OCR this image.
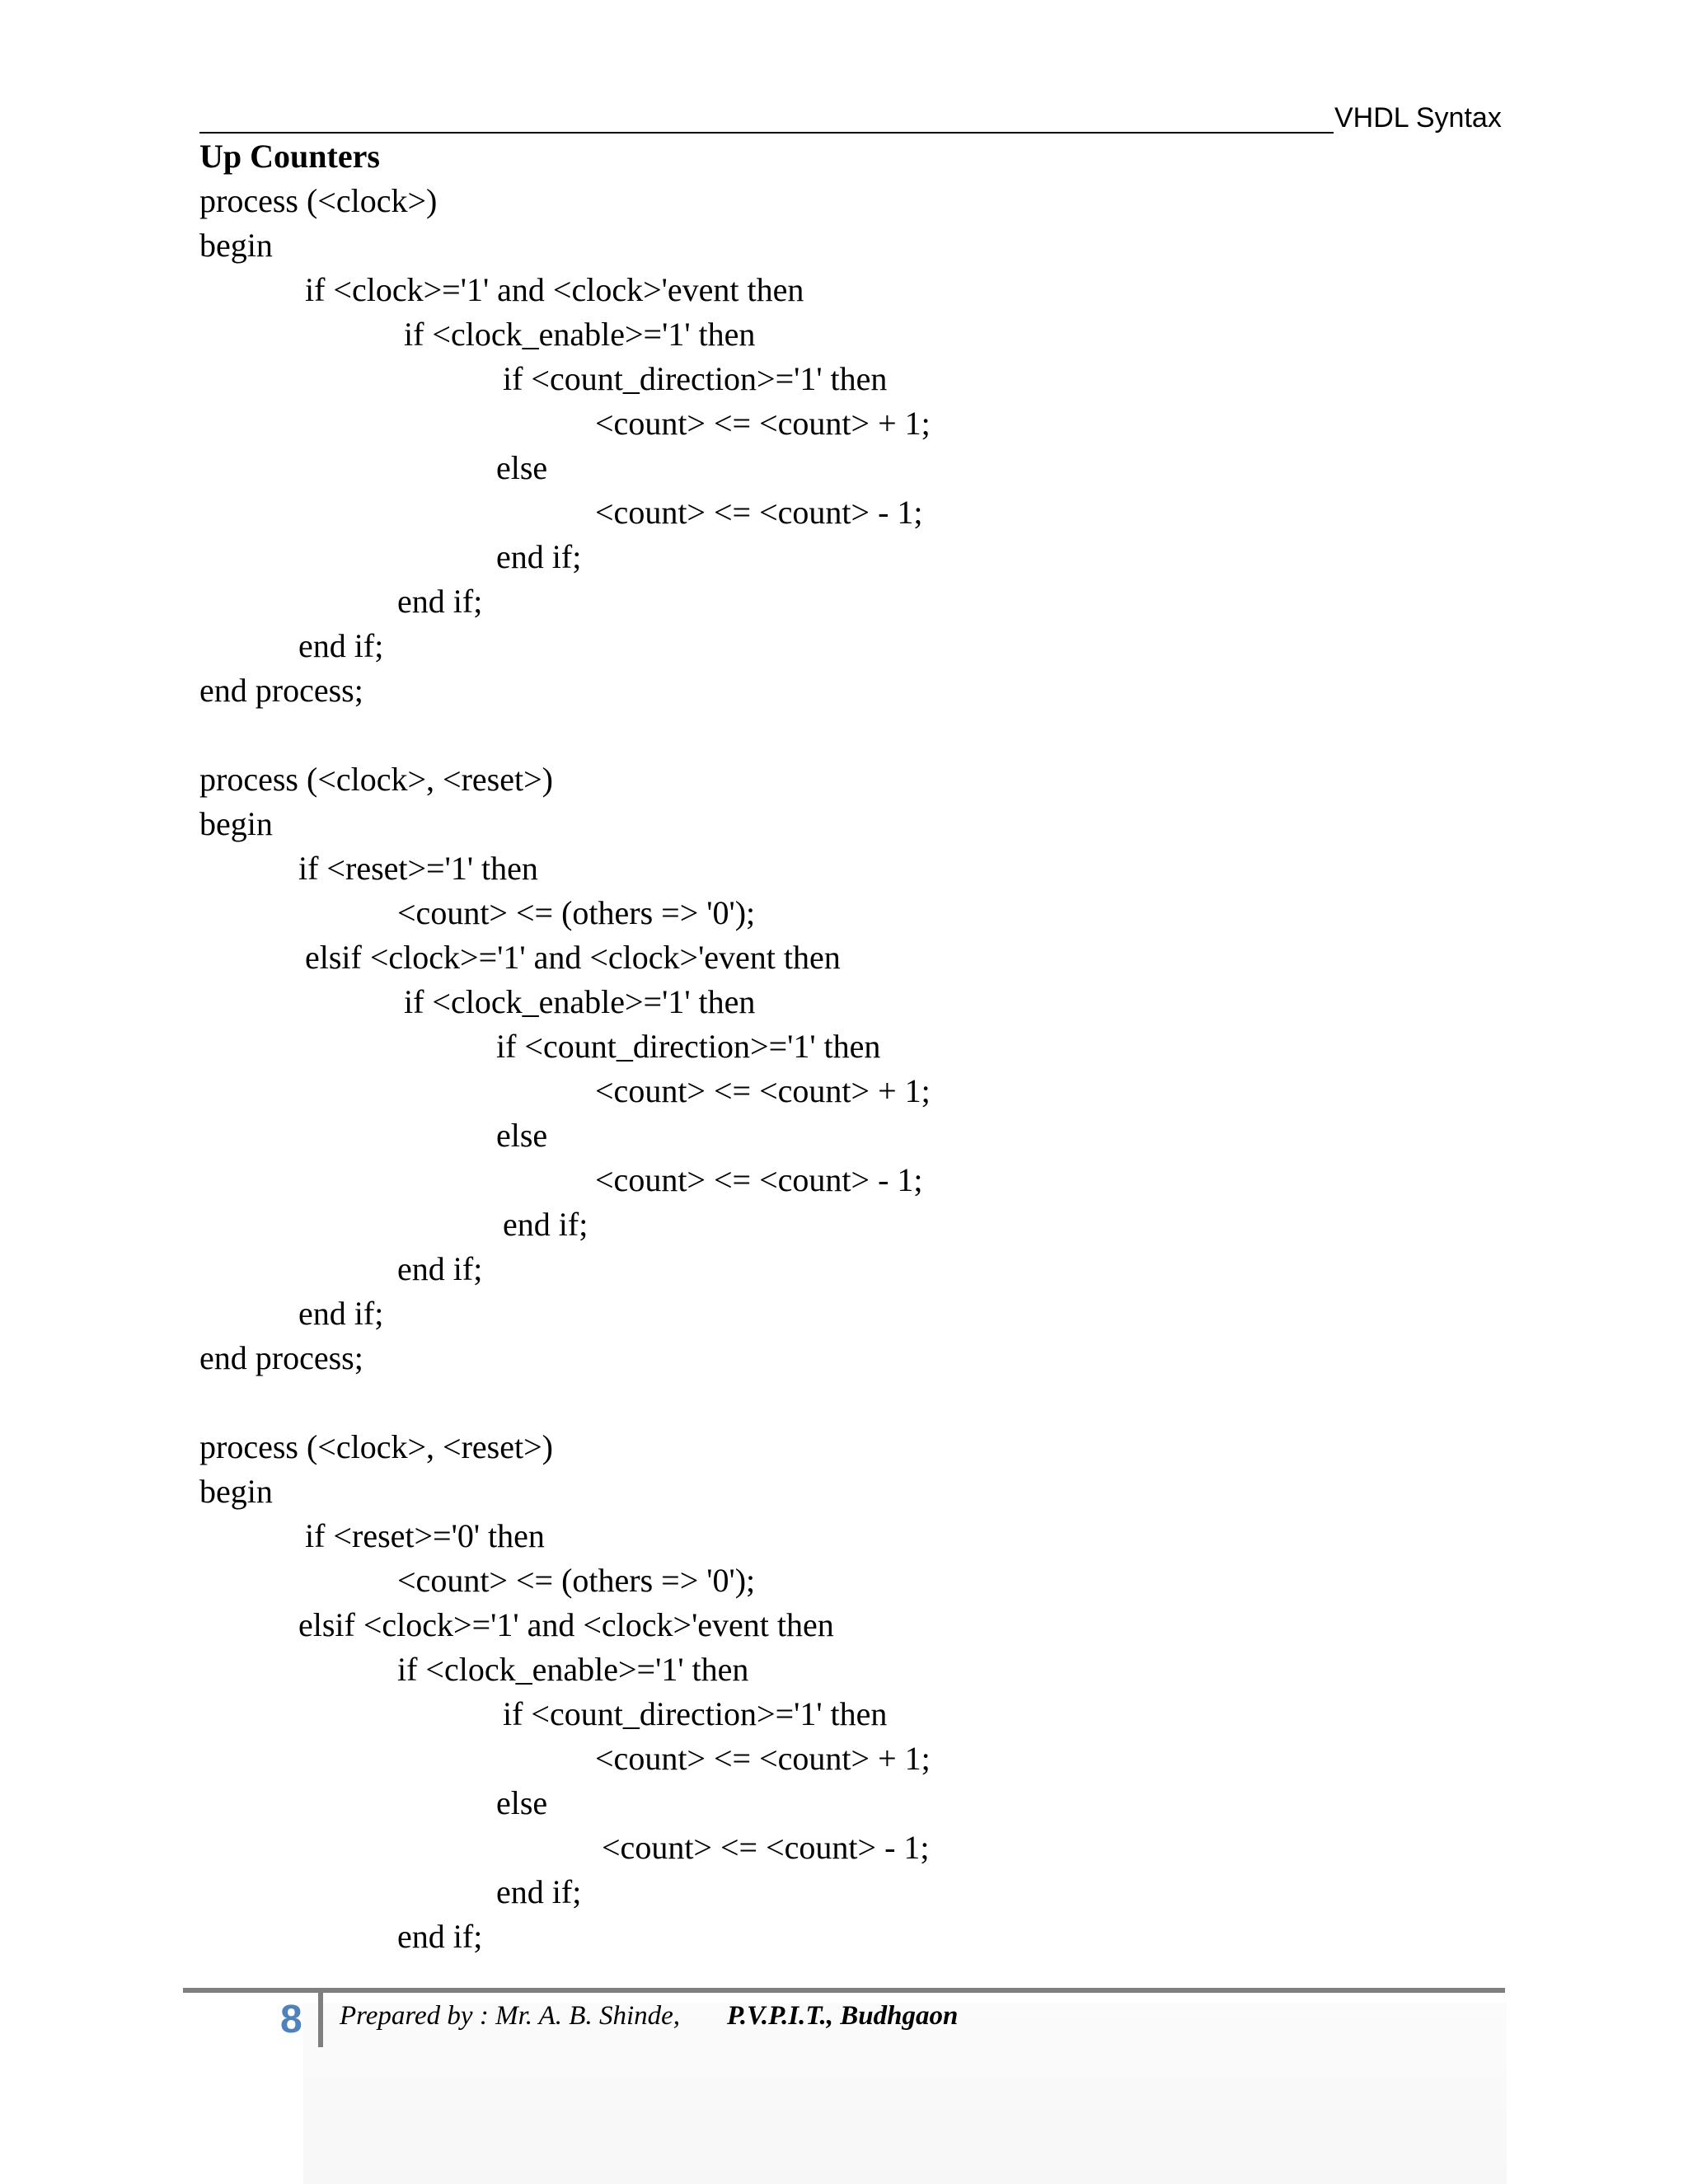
VHDL Syntax
Up Counters
process (<clock>)
begin
if <clock>='1' and <clock>'event then
if <clock_enable>='1' then
if <count_direction>='1' then
<count> <= <count> + 1;
else
<count> <= <count> - 1;
end if;
end if;
end if;
end process;
process (<clock>, <reset>)
begin
if <reset>='1' then
<count> <= (others => '0');
elsif <clock>='1' and <clock>'event then
if <clock_enable>='1' then
if <count_direction>='1' then
<count> <= <count> + 1;
else
<count> <= <count> - 1;
end if;
end if;
end if;
end process;
process (<clock>, <reset>)
begin
if <reset>='0' then
<count> <= (others => '0');
elsif <clock>='1' and <clock>'event then
if <clock_enable>='1' then
if <count_direction>='1' then
<count> <= <count> + 1;
else
<count> <= <count> - 1;
end if;
end if;
8 Prepared by : Mr. A. B. Shinde, P.V.P.I.T., Budhgaon
